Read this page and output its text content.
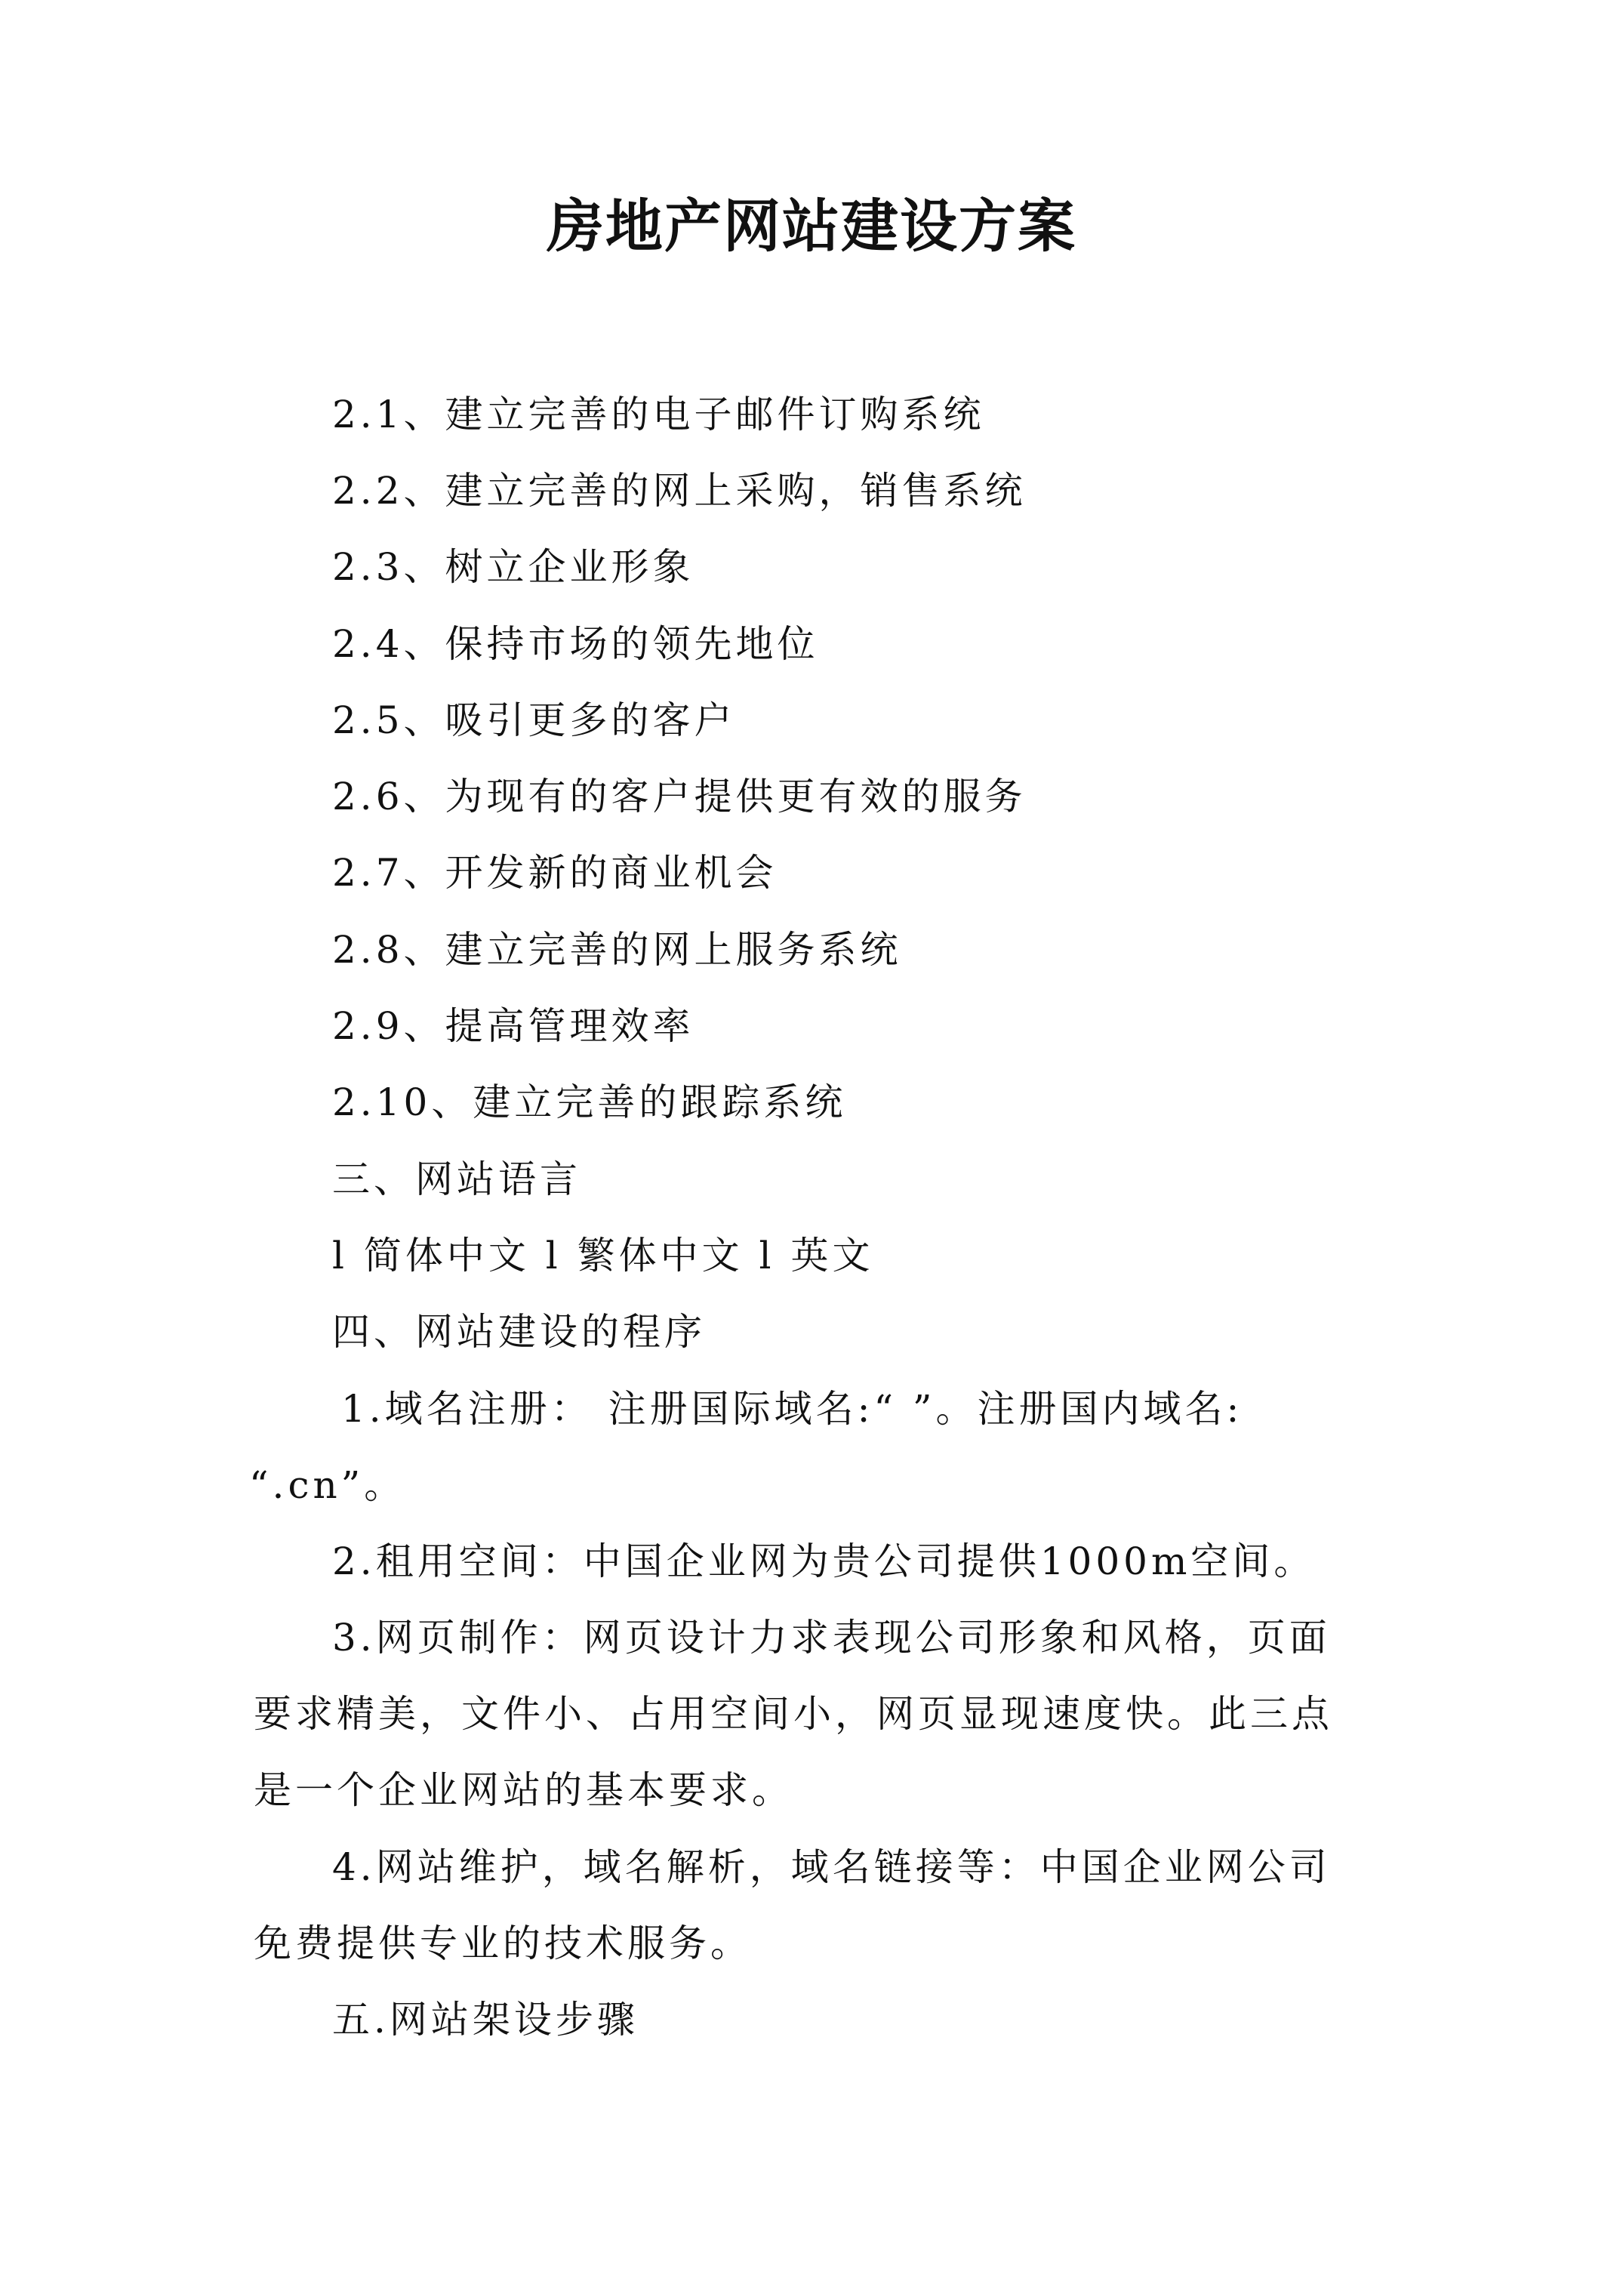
房地产网站建设方案
2.1、建立完善的电子邮件订购系统
2.2、建立完善的网上采购，销售系统
2.3、树立企业形象
2.4、保持市场的领先地位
2.5、吸引更多的客户
2.6、为现有的客户提供更有效的服务
2.7、开发新的商业机会
2.8、建立完善的网上服务系统
2.9、提高管理效率
2.10、建立完善的跟踪系统
三、网站语言
l 简体中文 l 繁体中文 l 英文
四、网站建设的程序
1.域名注册： 注册国际域名:“ ”。注册国内域名:
“.cn”。
2.租用空间：中国企业网为贵公司提供1000m空间。
3.网页制作：网页设计力求表现公司形象和风格，页面
要求精美，文件小、占用空间小，网页显现速度快。此三点
是一个企业网站的基本要求。
4.网站维护，域名解析，域名链接等：中国企业网公司
免费提供专业的技术服务。
五.网站架设步骤
